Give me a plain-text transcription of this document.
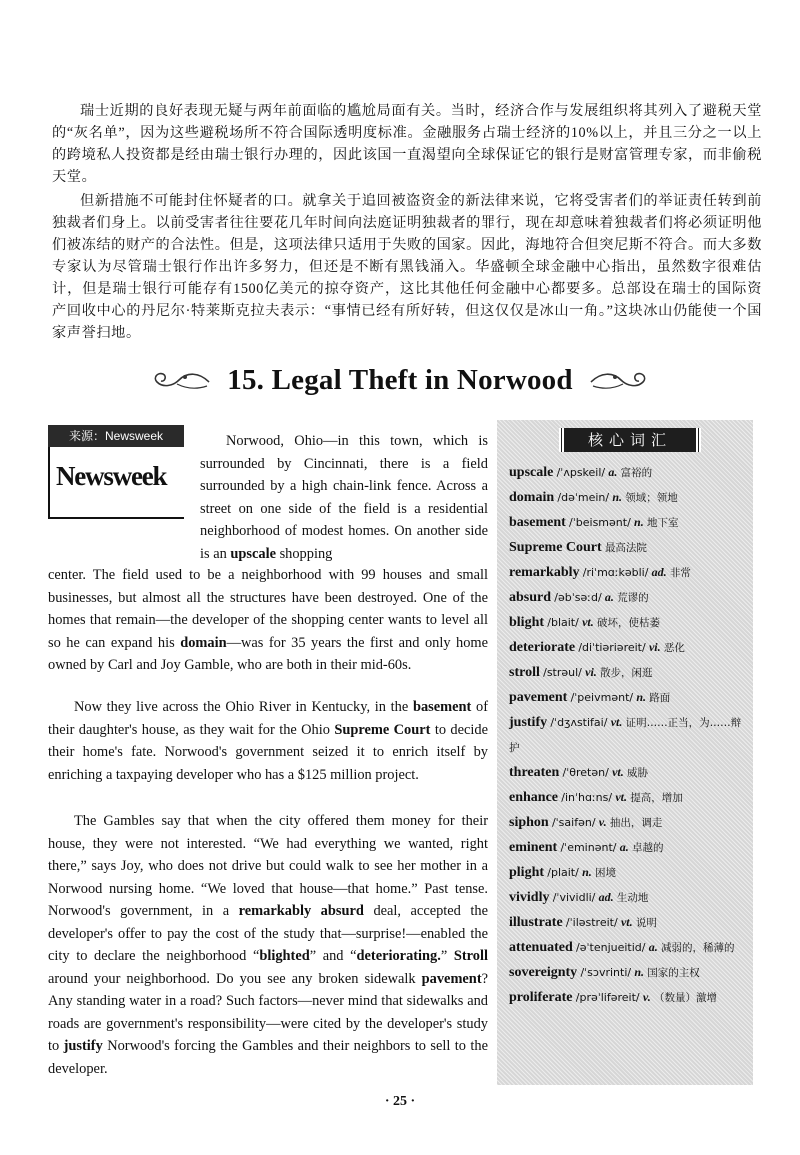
瑞士近期的良好表现无疑与两年前面临的尴尬局面有关。当时，经济合作与发展组织将其列入了避税天堂的“灰名单”，因为这些避税场所不符合国际透明度标准。金融服务占瑞士经济的10%以上，并且三分之一以上的跨境私人投资都是经由瑞士银行办理的，因此该国一直渴望向全球保证它的银行是财富管理专家，而非偷税天堂。

但新措施不可能封住怀疑者的口。就拿关于追回被盗资金的新法律来说，它将受害者们的举证责任转到前独裁者们身上。以前受害者往往要花几年时间向法庭证明独裁者的罪行，现在却意味着独裁者们将必须证明他们被冻结的财产的合法性。但是，这项法律只适用于失败的国家。因此，海地符合但突尼斯不符合。而大多数专家认为尽管瑞士银行作出许多努力，但还是不断有黑钱涌入。华盛顿全球金融中心指出，虽然数字很难估计，但是瑞士银行可能存有1500亿美元的掠夺资产，这比其他任何金融中心都要多。总部设在瑞士的国际资产回收中心的丹尼尔·特莱斯克拉夫表示：“事情已经有所好转，但这仅仅是冰山一角。”这块冰山仍能使一个国家声誉扫地。

15. Legal Theft in Norwood
来源：Newsweek
Newsweek

Norwood, Ohio—in this town, which is surrounded by Cincinnati, there is a field surrounded by a high chain-link fence. Across a street on one side of the field is a residential neighborhood of modest homes. On another side is an upscale shopping

center. The field used to be a neighborhood with 99 houses and small businesses, but almost all the structures have been destroyed. One of the homes that remain—the developer of the shopping center wants to level all so he can expand his domain—was for 35 years the first and only home owned by Carl and Joy Gamble, who are both in their mid-60s.

Now they live across the Ohio River in Kentucky, in the basement of their daughter's house, as they wait for the Ohio Supreme Court to decide their home's fate. Norwood's government seized it to enrich itself by enriching a taxpaying developer who has a $125 million project.

The Gambles say that when the city offered them money for their house, they were not interested. “We had everything we wanted, right there,” says Joy, who does not drive but could walk to see her mother in a Norwood nursing home. “We loved that house—that home.” Past tense. Norwood's government, in a remarkably absurd deal, accepted the developer's offer to pay the cost of the study that—surprise!—enabled the city to declare the neighborhood “blighted” and “deteriorating.” Stroll around your neighborhood. Do you see any broken sidewalk pavement? Any standing water in a road? Such factors—never mind that sidewalks and roads are government's responsibility—were cited by the developer's study to justify Norwood's forcing the Gambles and their neighbors to sell to the developer.

核心词汇
upscale /ˈʌpskeil/ a. 富裕的
domain /dəˈmein/ n. 领域；领地
basement /ˈbeismənt/ n. 地下室
Supreme Court 最高法院
remarkably /riˈmɑːkəbli/ ad. 非常
absurd /əbˈsəːd/ a. 荒谬的
blight /blait/ vt. 破坏，使枯萎
deteriorate /diˈtiəriəreit/ vi. 恶化
stroll /strəul/ vi. 散步，闲逛
pavement /ˈpeivmənt/ n. 路面
justify /ˈdʒʌstifai/ vt. 证明……正当，为……辩护
threaten /ˈθretən/ vt. 威胁
enhance /inˈhɑːns/ vt. 提高，增加
siphon /ˈsaifən/ v. 抽出，调走
eminent /ˈeminənt/ a. 卓越的
plight /plait/ n. 困境
vividly /ˈvividli/ ad. 生动地
illustrate /ˈiləstreit/ vt. 说明
attenuated /əˈtenjueitid/ a. 减弱的，稀薄的
sovereignty /ˈsɔvrinti/ n. 国家的主权
proliferate /prəˈlifəreit/ v. （数量）激增
· 25 ·
